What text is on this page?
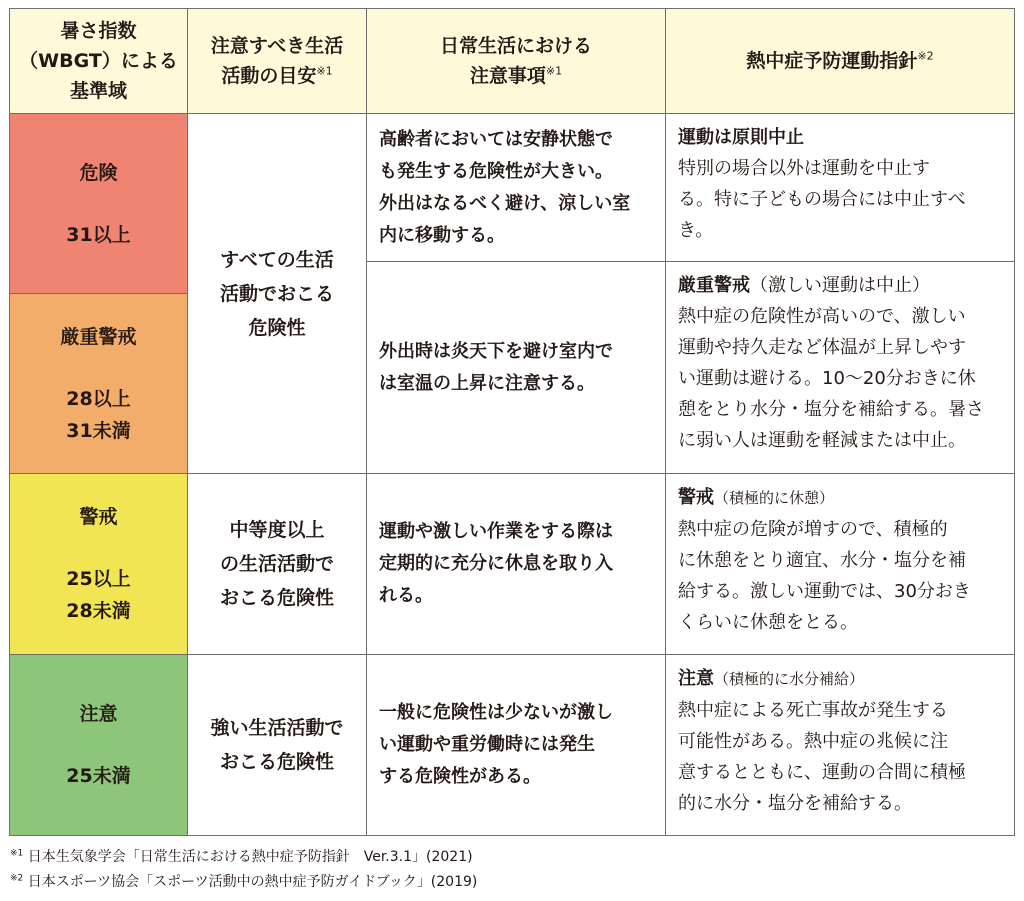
暑さ指数
（WBGT）による
基準域
注意すべき生活
活動の目安$^{※1}$
日常生活における
注意事項$^{※1}$	熱中症予防運動指針$^{※2}$
危険
31以上
厳重警戒
28以上
31未満
警戒
25以上
28未満
注意
25未満
すべての生活
活動でおこる
危険性
中等度以上
の生活活動で
おこる危険性
強い生活活動で
おこる危険性
高齢者においては安静状態で
も発生する危険性が大きい。
外出はなるべく避け、涼しい室
内に移動する。
外出時は炎天下を避け室内で
は室温の上昇に注意する。
運動や激しい作業をする際は
定期的に充分に休息を取り入
れる。
一般に危険性は少ないが激し
い運動や重労働時には発生
する危険性がある。
運動は原則中止
特別の場合以外は運動を中止す
る。特に子どもの場合には中止すべ
き。
厳重警戒（激しい運動は中止）
熱中症の危険性が高いので、激しい
運動や持久走など体温が上昇しやす
い運動は避ける。10〜20分おきに休
憩をとり水分・塩分を補給する。暑さ
に弱い人は運動を軽減または中止。
警戒（積極的に休憩）
熱中症の危険が増すので、積極的
に休憩をとり適宜、水分・塩分を補
給する。激しい運動では、30分おき
くらいに休憩をとる。
注意（積極的に水分補給）
熱中症による死亡事故が発生する
可能性がある。熱中症の兆候に注
意するとともに、運動の合間に積極
的に水分・塩分を補給する。
$^{※1}$ 日本生気象学会「日常生活における熱中症予防指針　Ver.3.1」(2021)
$^{※2}$ 日本スポーツ協会「スポーツ活動中の熱中症予防ガイドブック」(2019)
